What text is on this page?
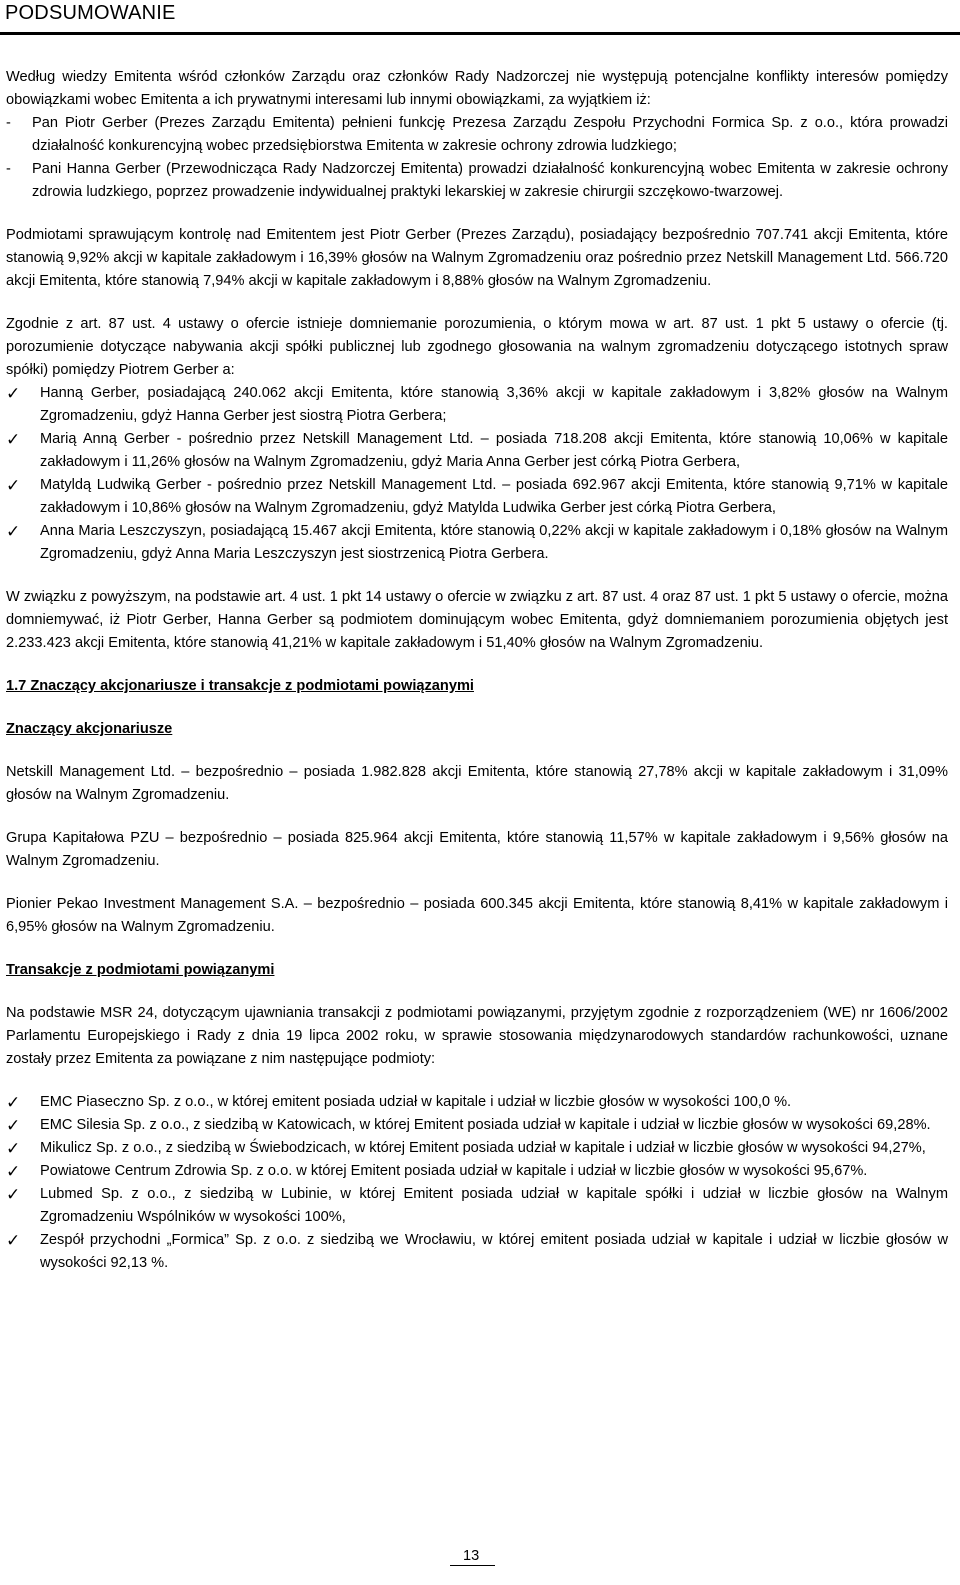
PODSUMOWANIE

Według wiedzy Emitenta wśród członków Zarządu oraz członków Rady Nadzorczej nie występują potencjalne konflikty interesów pomiędzy obowiązkami wobec Emitenta a ich prywatnymi interesami lub innymi obowiązkami, za wyjątkiem iż:

- Pan Piotr Gerber (Prezes Zarządu Emitenta) pełnieni funkcję Prezesa Zarządu Zespołu Przychodni Formica Sp. z o.o., która prowadzi działalność konkurencyjną wobec przedsiębiorstwa Emitenta w zakresie ochrony zdrowia ludzkiego;
- Pani Hanna Gerber (Przewodnicząca Rady Nadzorczej Emitenta) prowadzi działalność konkurencyjną wobec Emitenta w zakresie ochrony zdrowia ludzkiego, poprzez prowadzenie indywidualnej praktyki lekarskiej w zakresie chirurgii szczękowo-twarzowej.

Podmiotami sprawującym kontrolę nad Emitentem jest Piotr Gerber (Prezes Zarządu), posiadający bezpośrednio 707.741 akcji Emitenta, które stanowią 9,92% akcji w kapitale zakładowym i 16,39% głosów na Walnym Zgromadzeniu oraz pośrednio przez Netskill Management Ltd. 566.720 akcji Emitenta, które stanowią 7,94% akcji w kapitale zakładowym i 8,88% głosów na Walnym Zgromadzeniu.

Zgodnie z art. 87 ust. 4 ustawy o ofercie istnieje domniemanie porozumienia, o którym mowa w art. 87 ust. 1 pkt 5 ustawy o ofercie (tj. porozumienie dotyczące nabywania akcji spółki publicznej lub zgodnego głosowania na walnym zgromadzeniu dotyczącego istotnych spraw spółki) pomiędzy Piotrem Gerber a:

✓ Hanną Gerber, posiadającą 240.062 akcji Emitenta, które stanowią 3,36% akcji w kapitale zakładowym i 3,82% głosów na Walnym Zgromadzeniu, gdyż Hanna Gerber jest siostrą Piotra Gerbera;
✓ Marią Anną Gerber - pośrednio przez Netskill Management Ltd. – posiada 718.208 akcji Emitenta, które stanowią 10,06% w kapitale zakładowym i 11,26% głosów na Walnym Zgromadzeniu, gdyż Maria Anna Gerber jest córką Piotra Gerbera,
✓ Matyldą Ludwiką Gerber - pośrednio przez Netskill Management Ltd. – posiada 692.967 akcji Emitenta, które stanowią 9,71% w kapitale zakładowym i 10,86% głosów na Walnym Zgromadzeniu, gdyż Matylda Ludwika Gerber jest córką Piotra Gerbera,
✓ Anna Maria Leszczyszyn, posiadającą 15.467 akcji Emitenta, które stanowią 0,22% akcji w kapitale zakładowym i 0,18% głosów na Walnym Zgromadzeniu, gdyż Anna Maria Leszczyszyn jest siostrzenicą Piotra Gerbera.

W związku z powyższym, na podstawie art. 4 ust. 1 pkt 14 ustawy o ofercie w związku z art. 87 ust. 4 oraz 87 ust. 1 pkt 5 ustawy o ofercie, można domniemywać, iż Piotr Gerber, Hanna Gerber są podmiotem dominującym wobec Emitenta, gdyż domniemaniem porozumienia objętych jest 2.233.423 akcji Emitenta, które stanowią 41,21% w kapitale zakładowym i 51,40% głosów na Walnym Zgromadzeniu.

1.7 Znaczący akcjonariusze i transakcje z podmiotami powiązanymi

Znaczący akcjonariusze

Netskill Management Ltd. – bezpośrednio – posiada 1.982.828 akcji Emitenta, które stanowią 27,78% akcji w kapitale zakładowym i 31,09% głosów na Walnym Zgromadzeniu.

Grupa Kapitałowa PZU – bezpośrednio – posiada 825.964 akcji Emitenta, które stanowią 11,57% w kapitale zakładowym i 9,56% głosów na Walnym Zgromadzeniu.

Pionier Pekao Investment Management S.A. – bezpośrednio – posiada 600.345 akcji Emitenta, które stanowią 8,41% w kapitale zakładowym i 6,95% głosów na Walnym Zgromadzeniu.

Transakcje z podmiotami powiązanymi

Na podstawie MSR 24, dotyczącym ujawniania transakcji z podmiotami powiązanymi, przyjętym zgodnie z rozporządzeniem (WE) nr 1606/2002 Parlamentu Europejskiego i Rady z dnia 19 lipca 2002 roku, w sprawie stosowania międzynarodowych standardów rachunkowości, uznane zostały przez Emitenta za powiązane z nim następujące podmioty:

✓ EMC Piaseczno Sp. z o.o., w której emitent posiada udział w kapitale i udział w liczbie głosów w wysokości 100,0 %.
✓ EMC Silesia Sp. z o.o., z siedzibą w Katowicach, w której Emitent posiada udział w kapitale i udział w liczbie głosów w wysokości 69,28%.
✓ Mikulicz Sp. z o.o., z siedzibą w Świebodzicach, w której Emitent posiada udział w kapitale i udział w liczbie głosów w wysokości 94,27%,
✓ Powiatowe Centrum Zdrowia Sp. z o.o. w której Emitent posiada udział w kapitale i udział w liczbie głosów w wysokości 95,67%.
✓ Lubmed Sp. z o.o., z siedzibą w Lubinie, w której Emitent posiada udział w kapitale spółki i udział w liczbie głosów na Walnym Zgromadzeniu Wspólników w wysokości 100%,
✓ Zespół przychodni „Formica” Sp. z o.o. z siedzibą we Wrocławiu, w której emitent posiada udział w kapitale i udział w liczbie głosów w wysokości 92,13 %.
13
